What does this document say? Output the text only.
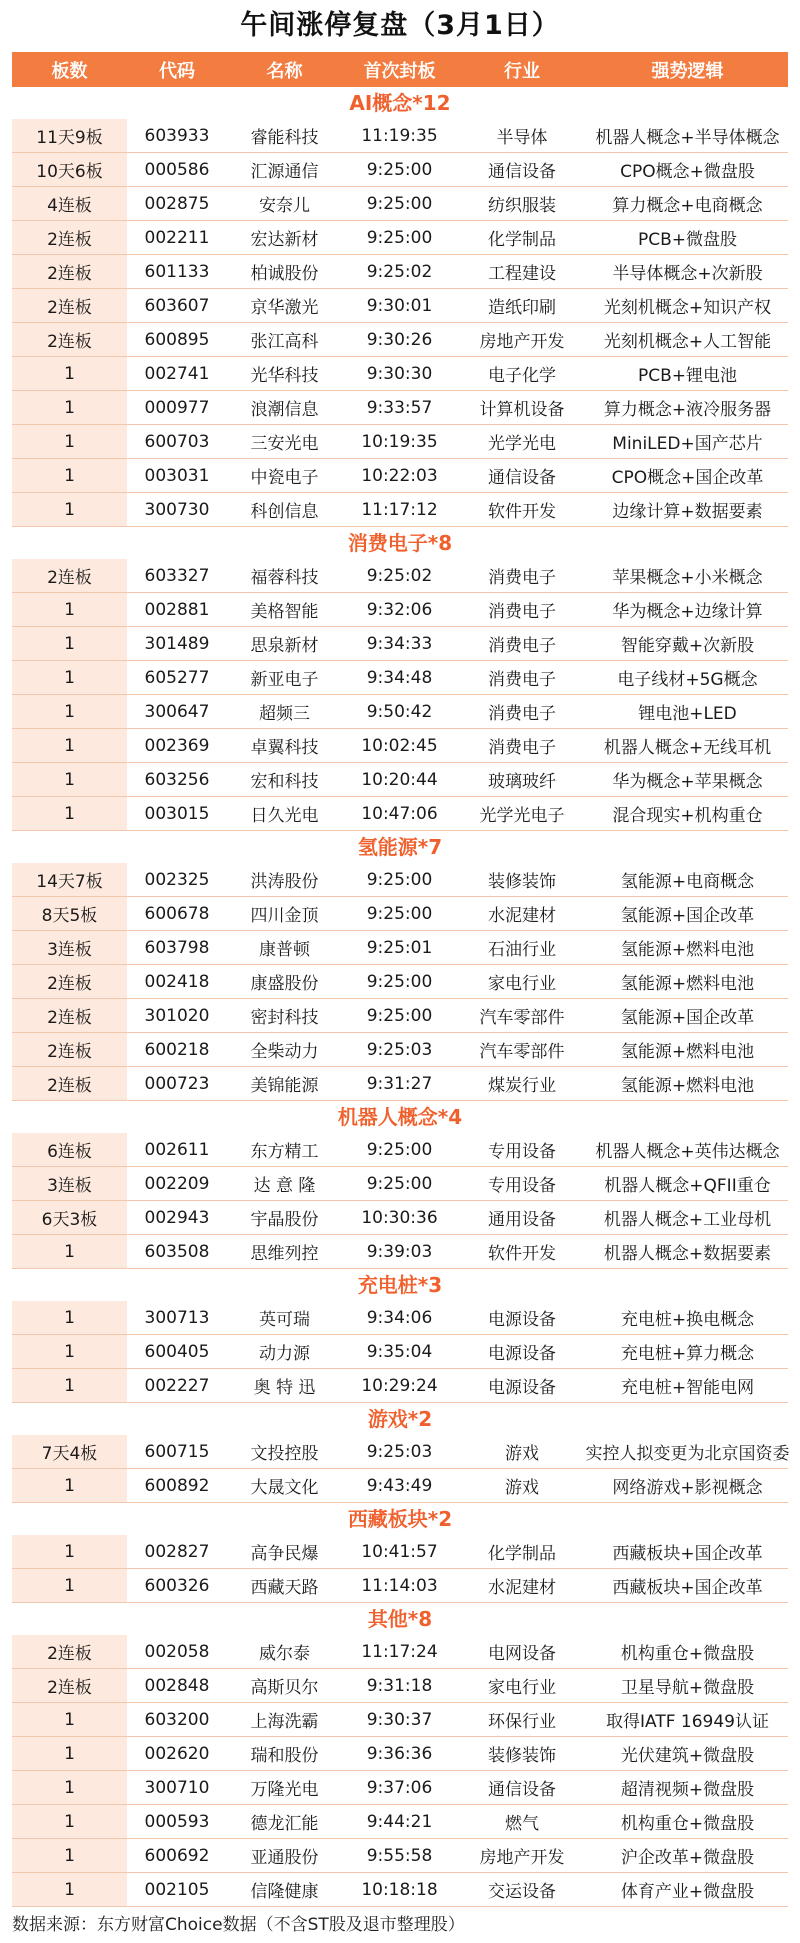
午间涨停复盘（3月1日）
板数	代码	名称	首次封板	行业	强势逻辑
AI概念*12
11天9板	603933	睿能科技	11:19:35	半导体	机器人概念+半导体概念
10天6板	000586	汇源通信	9:25:00	通信设备	CPO概念+微盘股
4连板	002875	安奈儿	9:25:00	纺织服装	算力概念+电商概念
2连板	002211	宏达新材	9:25:00	化学制品	PCB+微盘股
2连板	601133	柏诚股份	9:25:02	工程建设	半导体概念+次新股
2连板	603607	京华激光	9:30:01	造纸印刷	光刻机概念+知识产权
2连板	600895	张江高科	9:30:26	房地产开发	光刻机概念+人工智能
1	002741	光华科技	9:30:30	电子化学	PCB+锂电池
1	000977	浪潮信息	9:33:57	计算机设备	算力概念+液冷服务器
1	600703	三安光电	10:19:35	光学光电	MiniLED+国产芯片
1	003031	中瓷电子	10:22:03	通信设备	CPO概念+国企改革
1	300730	科创信息	11:17:12	软件开发	边缘计算+数据要素
消费电子*8
2连板	603327	福蓉科技	9:25:02	消费电子	苹果概念+小米概念
1	002881	美格智能	9:32:06	消费电子	华为概念+边缘计算
1	301489	思泉新材	9:34:33	消费电子	智能穿戴+次新股
1	605277	新亚电子	9:34:48	消费电子	电子线材+5G概念
1	300647	超频三	9:50:42	消费电子	锂电池+LED
1	002369	卓翼科技	10:02:45	消费电子	机器人概念+无线耳机
1	603256	宏和科技	10:20:44	玻璃玻纤	华为概念+苹果概念
1	003015	日久光电	10:47:06	光学光电子	混合现实+机构重仓
氢能源*7
14天7板	002325	洪涛股份	9:25:00	装修装饰	氢能源+电商概念
8天5板	600678	四川金顶	9:25:00	水泥建材	氢能源+国企改革
3连板	603798	康普顿	9:25:01	石油行业	氢能源+燃料电池
2连板	002418	康盛股份	9:25:00	家电行业	氢能源+燃料电池
2连板	301020	密封科技	9:25:00	汽车零部件	氢能源+国企改革
2连板	600218	全柴动力	9:25:03	汽车零部件	氢能源+燃料电池
2连板	000723	美锦能源	9:31:27	煤炭行业	氢能源+燃料电池
机器人概念*4
6连板	002611	东方精工	9:25:00	专用设备	机器人概念+英伟达概念
3连板	002209	达 意 隆	9:25:00	专用设备	机器人概念+QFII重仓
6天3板	002943	宇晶股份	10:30:36	通用设备	机器人概念+工业母机
1	603508	思维列控	9:39:03	软件开发	机器人概念+数据要素
充电桩*3
1	300713	英可瑞	9:34:06	电源设备	充电桩+换电概念
1	600405	动力源	9:35:04	电源设备	充电桩+算力概念
1	002227	奥 特 迅	10:29:24	电源设备	充电桩+智能电网
游戏*2
7天4板	600715	文投控股	9:25:03	游戏	实控人拟变更为北京国资委
1	600892	大晟文化	9:43:49	游戏	网络游戏+影视概念
西藏板块*2
1	002827	高争民爆	10:41:57	化学制品	西藏板块+国企改革
1	600326	西藏天路	11:14:03	水泥建材	西藏板块+国企改革
其他*8
2连板	002058	威尔泰	11:17:24	电网设备	机构重仓+微盘股
2连板	002848	高斯贝尔	9:31:18	家电行业	卫星导航+微盘股
1	603200	上海洗霸	9:30:37	环保行业	取得IATF 16949认证
1	002620	瑞和股份	9:36:36	装修装饰	光伏建筑+微盘股
1	300710	万隆光电	9:37:06	通信设备	超清视频+微盘股
1	000593	德龙汇能	9:44:21	燃气	机构重仓+微盘股
1	600692	亚通股份	9:55:58	房地产开发	沪企改革+微盘股
1	002105	信隆健康	10:18:18	交运设备	体育产业+微盘股
数据来源：东方财富Choice数据（不含ST股及退市整理股）
